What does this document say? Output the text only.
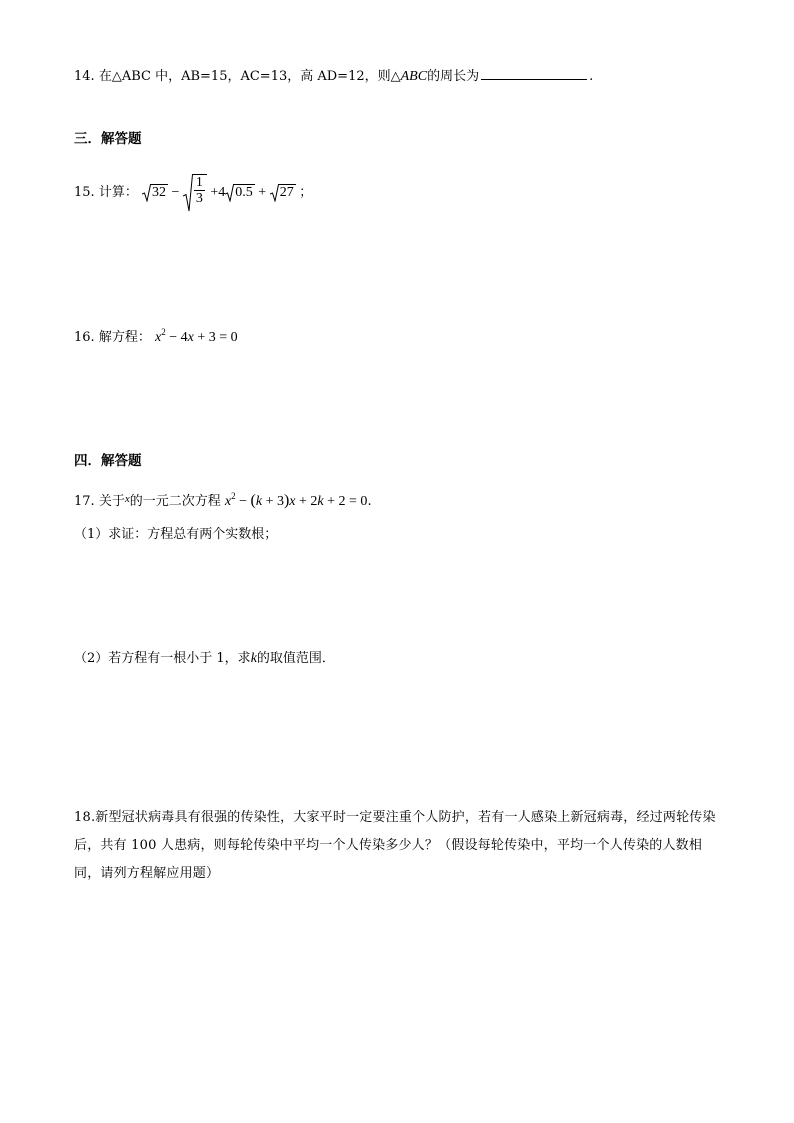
14. 在△ABC 中，AB=15，AC=13，高 AD=12，则△ABC的周长为	.
三．解答题
15. 计算： $32 - \frac{1}{3} +4$ 0.5 + 27 ；
16. 解方程： $x^2 - 4x + 3 = 0$
四．解答题
17. 关于$^x$的一元二次方程 $x^2 - (k + 3)x + 2k + 2 = 0$.
（1）求证：方程总有两个实数根；
（2）若方程有一根小于 1，求k的取值范围．
18.新型冠状病毒具有很强的传染性，大家平时一定要注重个人防护，若有一人感染上新冠病毒，经过两轮传染后，共有 100 人患病，则每轮传染中平均一个人传染多少人？（假设每轮传染中，平均一个人传染的人数相同，请列方程解应用题）
